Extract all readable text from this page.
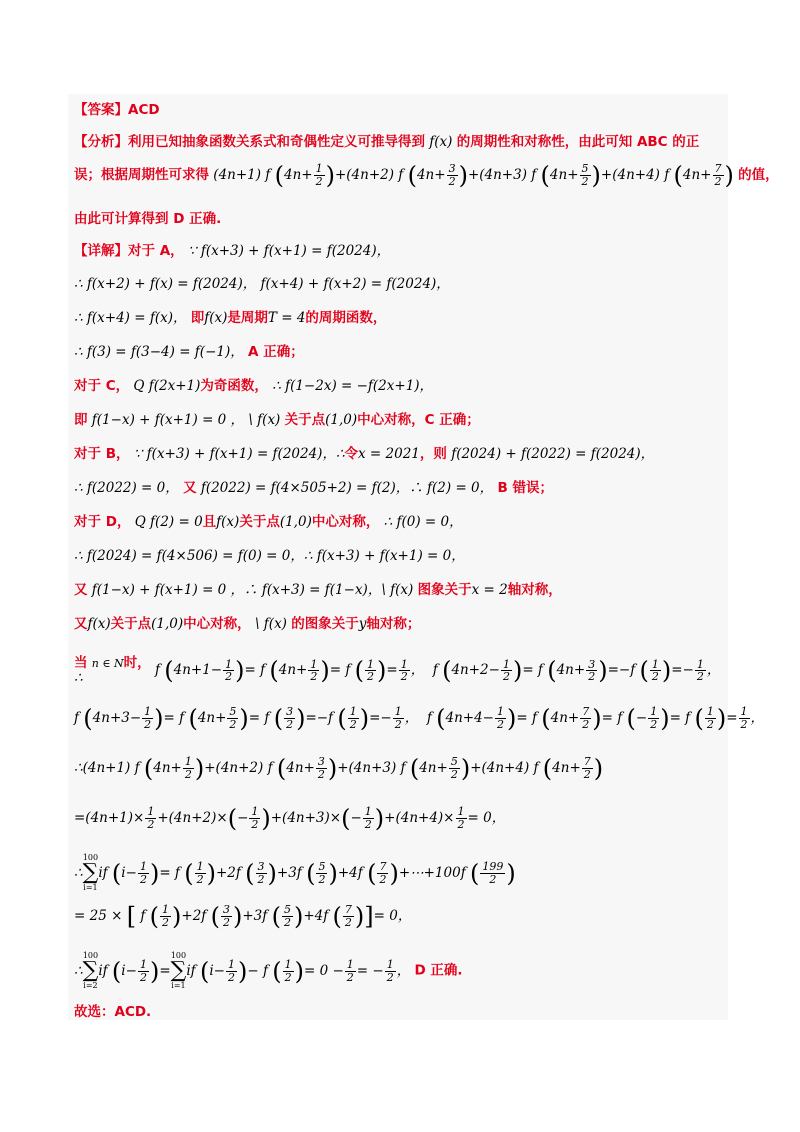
【答案】ACD
【分析】利用已知抽象函数关系式和奇偶性定义可推导得到 f(x) 的周期性和对称性，由此可知 ABC 的正
误；根据周期性可求得 (4n+1) f $(4n+ \frac{1}{2} )+(4n+2)$ f $(4n+ \frac{3}{2} )+(4n+3)$ f $(4n+ \frac{5}{2} )+(4n+4)$ f ($4n+ \frac{7}{2}$ ) 的值，
由此可计算得到 D 正确.
【详解】对于 A， ∵ f(x+3) + f(x+1) = f(2024)，
∴ f(x+2) + f(x) = f(2024)， f(x+4) + f(x+2) = f(2024)，
∴ f(x+4) = f(x)， 即f(x)是周期T = 4的周期函数，
∴ f(3) = f(3−4) = f(−1)， A 正确；
对于 C， Q f(2x+1)为奇函数， ∴ f(1−2x) = −f(2x+1)，
即 f(1−x) + f(x+1) = 0 ， \ f(x) 关于点(1,0)中心对称，C 正确；
对于 B， ∵ f(x+3) + f(x+1) = f(2024)，∴令x = 2021，则 f(2024) + f(2022) = f(2024)，
∴ f(2022) = 0， 又 f(2022) = f(4×505+2) = f(2)，∴ f(2) = 0， B 错误；
对于 D， Q f(2) = 0且f(x)关于点(1,0)中心对称， ∴ f(0) = 0，
∴ f(2024) = f(4×506) = f(0) = 0，∴ f(x+3) + f(x+1) = 0，
又 f(1−x) + f(x+1) = 0 ，∴ f(x+3) = f(1−x)，\ f(x) 图象关于x = 2轴对称，
又f(x)关于点(1,0)中心对称， \ f(x) 的图象关于y轴对称；
当 n ∈ N时，
∴	f ($4n+1- \frac{1}{2}$ )= f ($4n+ \frac{1}{2}$ )= f ( $\frac{1}{2}$ )= $\frac{1}{2}$ ，  f ($4n+2- \frac{1}{2}$ )= f $(4n+ \frac{3}{2} )=-f$ ( $\frac{1}{2}$ )=− $\frac{1}{2}$ ，
f ($4n+3- \frac{1}{2}$ )= f ($4n+ \frac{5}{2}$ )= f ( $\frac{3}{2} )=-f$ ( $\frac{1}{2}$ )=− $\frac{1}{2}$ ，  f ($4n+4- \frac{1}{2}$ )= f ($4n+ \frac{7}{2}$ )= f (− $\frac{1}{2}$ )= f ( $\frac{1}{2}$ )= $\frac{1}{2}$ ，
∴(4n+1) f $(4n+ \frac{1}{2} )+(4n+2)$ f $(4n+ \frac{3}{2} )+(4n+3)$ f $(4n+ \frac{5}{2} )+(4n+4)$ f ($4n+ \frac{7}{2}$ )
$=(4n+1)\times \frac{1}{2} +(4n+2)\times(- \frac{1}{2} )+(4n+3)\times(- \frac{1}{2} )+(4n+4)\times \frac{1}{2} = 0$，
∴
100
∑
i=1
if ($i- \frac{1}{2}$ )= f ( $\frac{1}{2} )+2f$ ( $\frac{3}{2} )+3f$ ( $\frac{5}{2} )+4f$ ( $\frac{7}{2}$ )+⋯+100f ( $\frac{199}{2}$ )
= 25 × [ f ( $\frac{1}{2} )+2f$ ( $\frac{3}{2} )+3f$ ( $\frac{5}{2} )+4f$ ( $\frac{7}{2}$ )]= 0，
∴
100
∑
i=2
if ($i- \frac{1}{2}$ )=
100
∑
i=1
if ($i- \frac{1}{2}$ )− f ( $\frac{1}{2}$ )= $0 - \frac{1}{2}$ = − $\frac{1}{2}$ ， D 正确.
故选：ACD.
